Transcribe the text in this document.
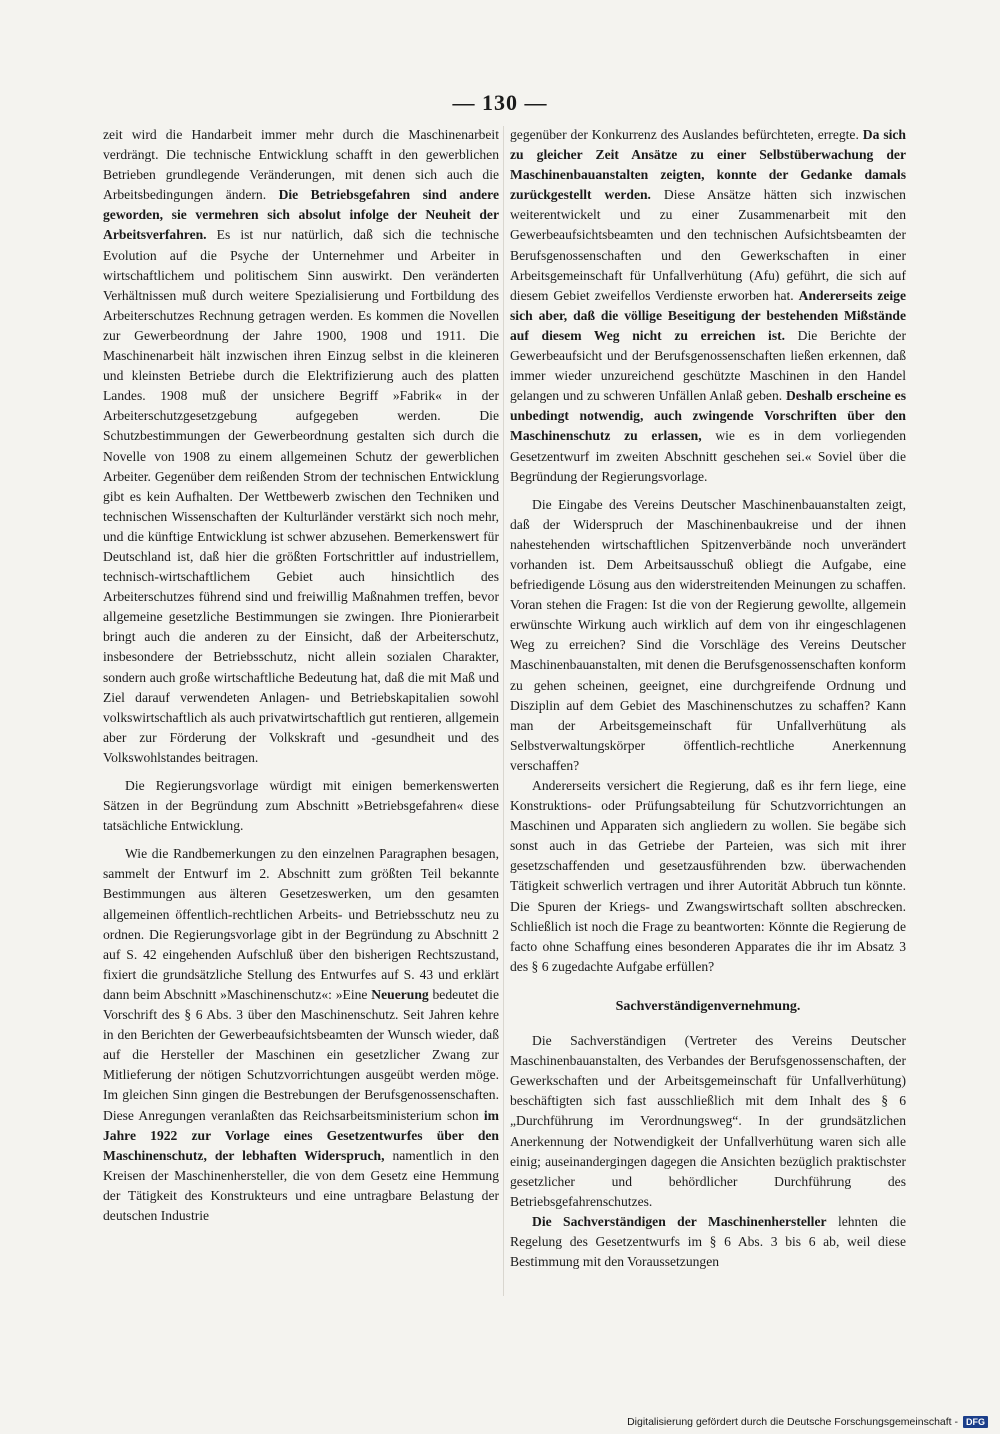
— 130 —

zeit wird die Handarbeit immer mehr durch die Maschinenarbeit verdrängt. Die technische Entwicklung schafft in den gewerblichen Betrieben grundlegende Veränderungen, mit denen sich auch die Arbeitsbedingungen ändern. Die Betriebsgefahren sind andere geworden, sie vermehren sich absolut infolge der Neuheit der Arbeitsverfahren. Es ist nur natürlich, daß sich die technische Evolution auf die Psyche der Unternehmer und Arbeiter in wirtschaftlichem und politischem Sinn auswirkt. Den veränderten Verhältnissen muß durch weitere Spezialisierung und Fortbildung des Arbeiterschutzes Rechnung getragen werden. Es kommen die Novellen zur Gewerbeordnung der Jahre 1900, 1908 und 1911. Die Maschinenarbeit hält inzwischen ihren Einzug selbst in die kleineren und kleinsten Betriebe durch die Elektrifizierung auch des platten Landes. 1908 muß der unsichere Begriff »Fabrik« in der Arbeiterschutzgesetzgebung aufgegeben werden. Die Schutzbestimmungen der Gewerbeordnung gestalten sich durch die Novelle von 1908 zu einem allgemeinen Schutz der gewerblichen Arbeiter. Gegenüber dem reißenden Strom der technischen Entwicklung gibt es kein Aufhalten. Der Wettbewerb zwischen den Techniken und technischen Wissenschaften der Kulturländer verstärkt sich noch mehr, und die künftige Entwicklung ist schwer abzusehen. Bemerkenswert für Deutschland ist, daß hier die größten Fortschrittler auf industriellem, technisch-wirtschaftlichem Gebiet auch hinsichtlich des Arbeiterschutzes führend sind und freiwillig Maßnahmen treffen, bevor allgemeine gesetzliche Bestimmungen sie zwingen. Ihre Pionierarbeit bringt auch die anderen zu der Einsicht, daß der Arbeiterschutz, insbesondere der Betriebsschutz, nicht allein sozialen Charakter, sondern auch große wirtschaftliche Bedeutung hat, daß die mit Maß und Ziel darauf verwendeten Anlagen- und Betriebskapitalien sowohl volkswirtschaftlich als auch privatwirtschaftlich gut rentieren, allgemein aber zur Förderung der Volkskraft und -gesundheit und des Volkswohlstandes beitragen.

Die Regierungsvorlage würdigt mit einigen bemerkenswerten Sätzen in der Begründung zum Abschnitt »Betriebsgefahren« diese tatsächliche Entwicklung.

Wie die Randbemerkungen zu den einzelnen Paragraphen besagen, sammelt der Entwurf im 2. Abschnitt zum größten Teil bekannte Bestimmungen aus älteren Gesetzeswerken, um den gesamten allgemeinen öffentlich-rechtlichen Arbeits- und Betriebsschutz neu zu ordnen. Die Regierungsvorlage gibt in der Begründung zu Abschnitt 2 auf S. 42 eingehenden Aufschluß über den bisherigen Rechtszustand, fixiert die grundsätzliche Stellung des Entwurfes auf S. 43 und erklärt dann beim Abschnitt »Maschinenschutz«: »Eine Neuerung bedeutet die Vorschrift des § 6 Abs. 3 über den Maschinenschutz. Seit Jahren kehre in den Berichten der Gewerbeaufsichtsbeamten der Wunsch wieder, daß auf die Hersteller der Maschinen ein gesetzlicher Zwang zur Mitlieferung der nötigen Schutzvorrichtungen ausgeübt werden möge. Im gleichen Sinn gingen die Bestrebungen der Berufsgenossenschaften. Diese Anregungen veranlaßten das Reichsarbeitsministerium schon im Jahre 1922 zur Vorlage eines Gesetzentwurfes über den Maschinenschutz, der lebhaften Widerspruch, namentlich in den Kreisen der Maschinenhersteller, die von dem Gesetz eine Hemmung der Tätigkeit des Konstrukteurs und eine untragbare Belastung der deutschen Industrie

gegenüber der Konkurrenz des Auslandes befürchteten, erregte. Da sich zu gleicher Zeit Ansätze zu einer Selbstüberwachung der Maschinenbauanstalten zeigten, konnte der Gedanke damals zurückgestellt werden. Diese Ansätze hätten sich inzwischen weiterentwickelt und zu einer Zusammenarbeit mit den Gewerbeaufsichtsbeamten und den technischen Aufsichtsbeamten der Berufsgenossenschaften und den Gewerkschaften in einer Arbeitsgemeinschaft für Unfallverhütung (Afu) geführt, die sich auf diesem Gebiet zweifellos Verdienste erworben hat. Andererseits zeige sich aber, daß die völlige Beseitigung der bestehenden Mißstände auf diesem Weg nicht zu erreichen ist. Die Berichte der Gewerbeaufsicht und der Berufsgenossenschaften ließen erkennen, daß immer wieder unzureichend geschützte Maschinen in den Handel gelangen und zu schweren Unfällen Anlaß geben. Deshalb erscheine es unbedingt notwendig, auch zwingende Vorschriften über den Maschinenschutz zu erlassen, wie es in dem vorliegenden Gesetzentwurf im zweiten Abschnitt geschehen sei.« Soviel über die Begründung der Regierungsvorlage.

Die Eingabe des Vereins Deutscher Maschinenbauanstalten zeigt, daß der Widerspruch der Maschinenbaukreise und der ihnen nahestehenden wirtschaftlichen Spitzenverbände noch unverändert vorhanden ist. Dem Arbeitsausschuß obliegt die Aufgabe, eine befriedigende Lösung aus den widerstreitenden Meinungen zu schaffen. Voran stehen die Fragen: Ist die von der Regierung gewollte, allgemein erwünschte Wirkung auch wirklich auf dem von ihr eingeschlagenen Weg zu erreichen? Sind die Vorschläge des Vereins Deutscher Maschinenbauanstalten, mit denen die Berufsgenossenschaften konform zu gehen scheinen, geeignet, eine durchgreifende Ordnung und Disziplin auf dem Gebiet des Maschinenschutzes zu schaffen? Kann man der Arbeitsgemeinschaft für Unfallverhütung als Selbstverwaltungskörper öffentlich-rechtliche Anerkennung verschaffen?

Andererseits versichert die Regierung, daß es ihr fern liege, eine Konstruktions- oder Prüfungsabteilung für Schutzvorrichtungen an Maschinen und Apparaten sich angliedern zu wollen. Sie begäbe sich sonst auch in das Getriebe der Parteien, was sich mit ihrer gesetzschaffenden und gesetzausführenden bzw. überwachenden Tätigkeit schwerlich vertragen und ihrer Autorität Abbruch tun könnte. Die Spuren der Kriegs- und Zwangswirtschaft sollten abschrecken. Schließlich ist noch die Frage zu beantworten: Könnte die Regierung de facto ohne Schaffung eines besonderen Apparates die ihr im Absatz 3 des § 6 zugedachte Aufgabe erfüllen?

Sachverständigenvernehmung.

Die Sachverständigen (Vertreter des Vereins Deutscher Maschinenbauanstalten, des Verbandes der Berufsgenossenschaften, der Gewerkschaften und der Arbeitsgemeinschaft für Unfallverhütung) beschäftigten sich fast ausschließlich mit dem Inhalt des § 6 „Durchführung im Verordnungsweg“. In der grundsätzlichen Anerkennung der Notwendigkeit der Unfallverhütung waren sich alle einig; auseinandergingen dagegen die Ansichten bezüglich praktischster gesetzlicher und behördlicher Durchführung des Betriebsgefahrenschutzes.

Die Sachverständigen der Maschinenhersteller lehnten die Regelung des Gesetzentwurfs im § 6 Abs. 3 bis 6 ab, weil diese Bestimmung mit den Voraussetzungen

Digitalisierung gefördert durch die Deutsche Forschungsgemeinschaft - DFG
